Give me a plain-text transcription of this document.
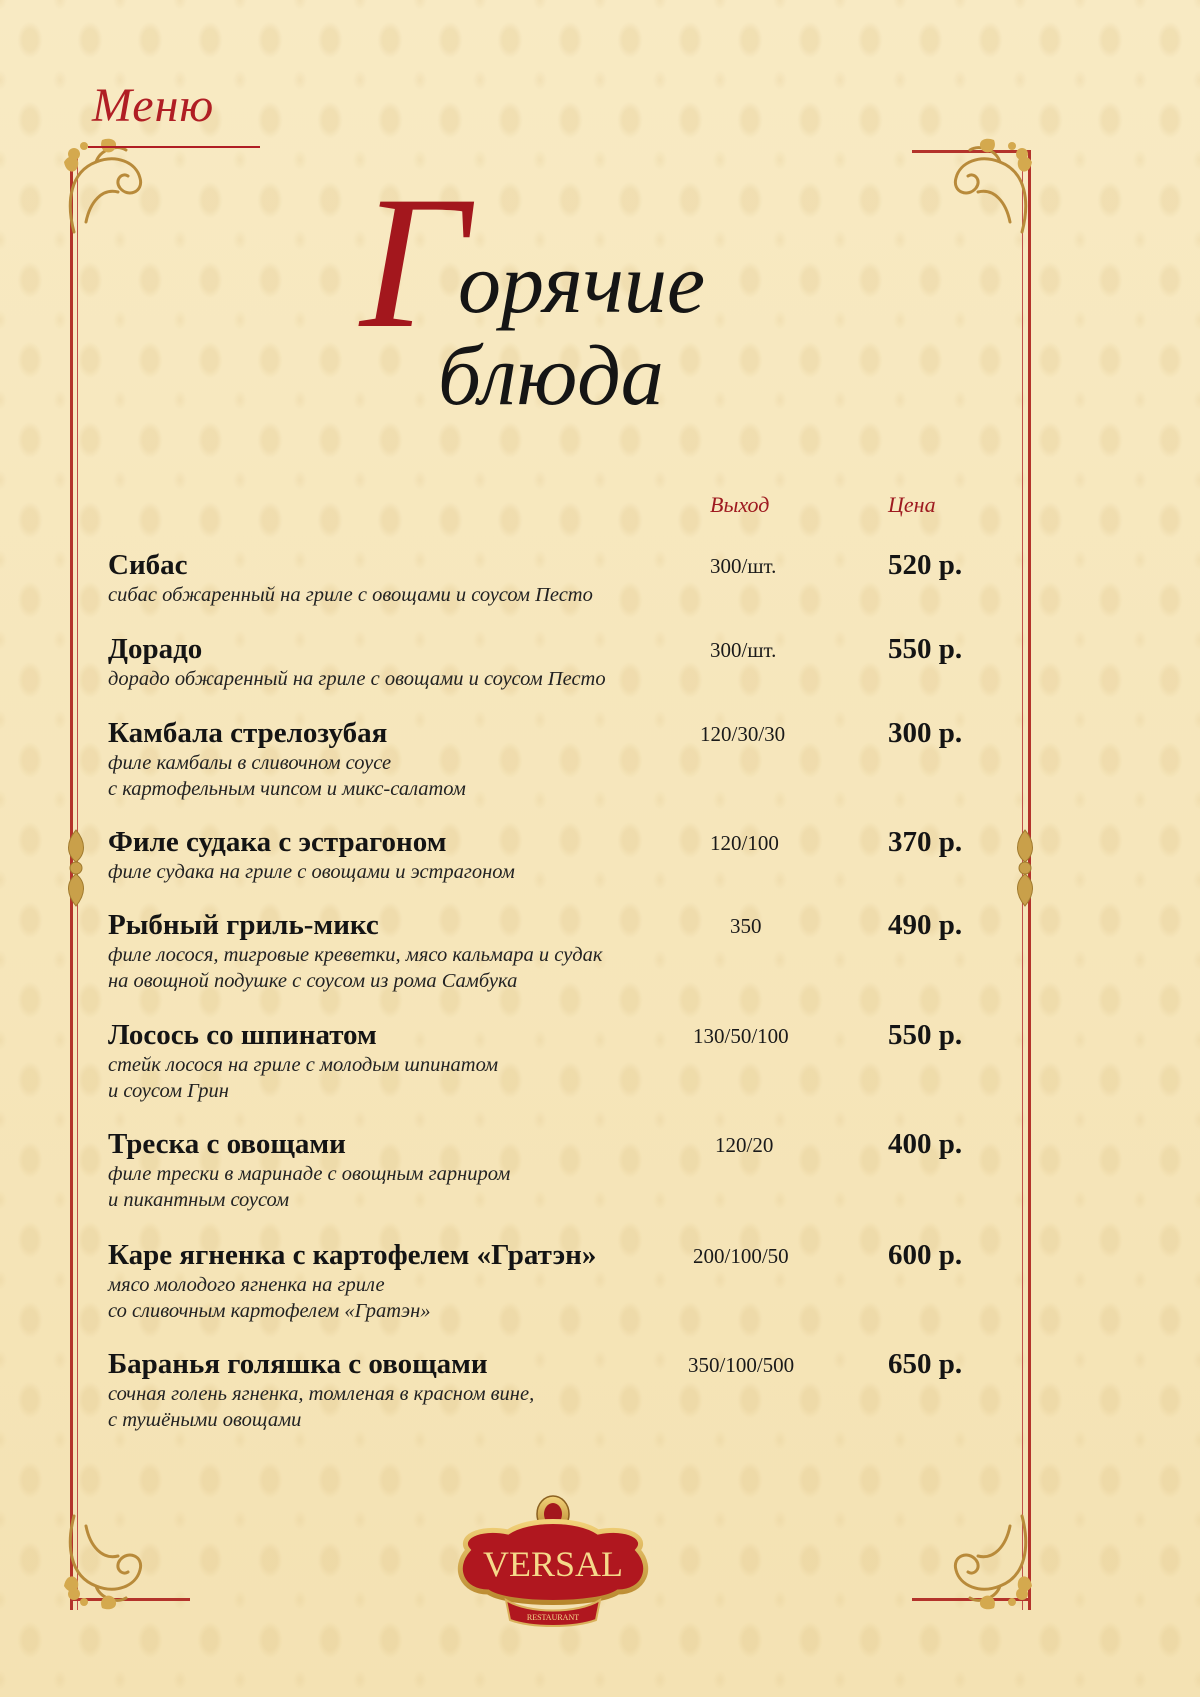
Меню
Г
орячие
блюда
Выход	Цена
Сибас
сибас обжаренный на гриле с овощами и соусом Песто
300/шт.	520 р.
Дорадо
дорадо обжаренный на гриле с овощами и соусом Песто
300/шт.	550 р.
Камбала стрелозубая
филе камбалы в сливочном соусе
с картофельным чипсом и микс-салатом
120/30/30	300 р.
Филе судака с эстрагоном
филе судака на гриле с овощами и эстрагоном
120/100	370 р.
Рыбный гриль-микс
филе лосося, тигровые креветки, мясо кальмара и судак
на овощной подушке с соусом из рома Самбука
350	490 р.
Лосось со шпинатом
стейк лосося на гриле с молодым шпинатом
и соусом Грин
130/50/100	550 р.
Треска с овощами
филе трески в маринаде с овощным гарниром
и пикантным соусом
120/20	400 р.
Каре ягненка с картофелем «Гратэн»
мясо молодого ягненка на гриле
со сливочным картофелем «Гратэн»
200/100/50	600 р.
Баранья голяшка с овощами
сочная голень ягненка, томленая в красном вине,
с тушёными овощами
350/100/500	650 р.
VERSAL
RESTAURANT
